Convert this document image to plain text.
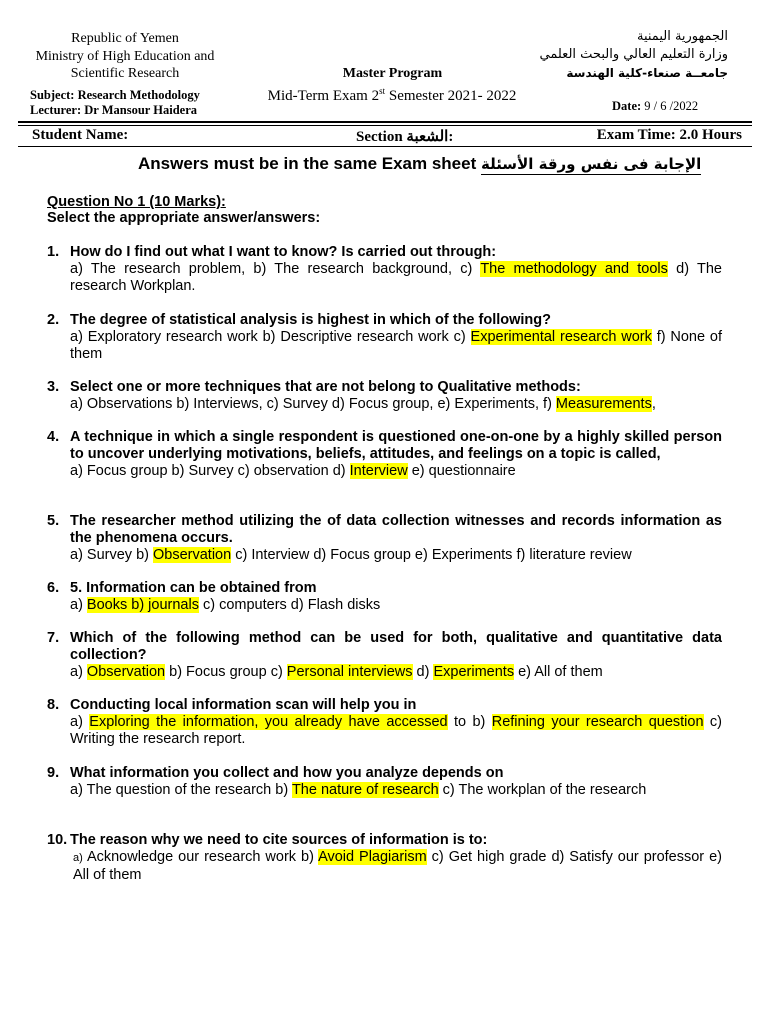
Republic of Yemen
Ministry of High Education and
Scientific Research
Subject: Research Methodology
Lecturer: Dr Mansour Haidera
Master Program
Mid-Term Exam 2st Semester 2021- 2022
الجمهورية اليمنية
وزارة التعليم العالي والبحث العلمي
جامعــة صنعاء-كلية الهندسة
Date: 9 / 6 /2022
Student Name:	Section الشعبة:	Exam Time: 2.0 Hours
Answers must be in the same Exam sheet الإجابة فى نفس ورقة الأسئلة
Question No 1 (10 Marks):
Select the appropriate answer/answers:
1. How do I find out what I want to know? Is carried out through:
a) The research problem, b) The research background, c) The methodology and tools d) The research Workplan.
2. The degree of statistical analysis is highest in which of the following?
a) Exploratory research work b) Descriptive research work c) Experimental research work f) None of them
3. Select one or more techniques that are not belong to Qualitative methods:
a) Observations b) Interviews, c) Survey d) Focus group, e) Experiments, f) Measurements,
4. A technique in which a single respondent is questioned one-on-one by a highly skilled person to uncover underlying motivations, beliefs, attitudes, and feelings on a topic is called,
a) Focus group b) Survey c) observation d) Interview e) questionnaire
5. The researcher method utilizing the of data collection witnesses and records information as the phenomena occurs.
a) Survey b) Observation c) Interview d) Focus group e) Experiments f) literature review
6. 5. Information can be obtained from
a) Books b) journals c) computers d) Flash disks
7. Which of the following method can be used for both, qualitative and quantitative data collection?
a) Observation b) Focus group c) Personal interviews d) Experiments e) All of them
8. Conducting local information scan will help you in
a) Exploring the information, you already have accessed to b) Refining your research question c) Writing the research report.
9. What information you collect and how you analyze depends on
a) The question of the research b) The nature of research c) The workplan of the research
10. The reason why we need to cite sources of information is to:
a) Acknowledge our research work b) Avoid Plagiarism c) Get high grade d) Satisfy our professor e) All of them
